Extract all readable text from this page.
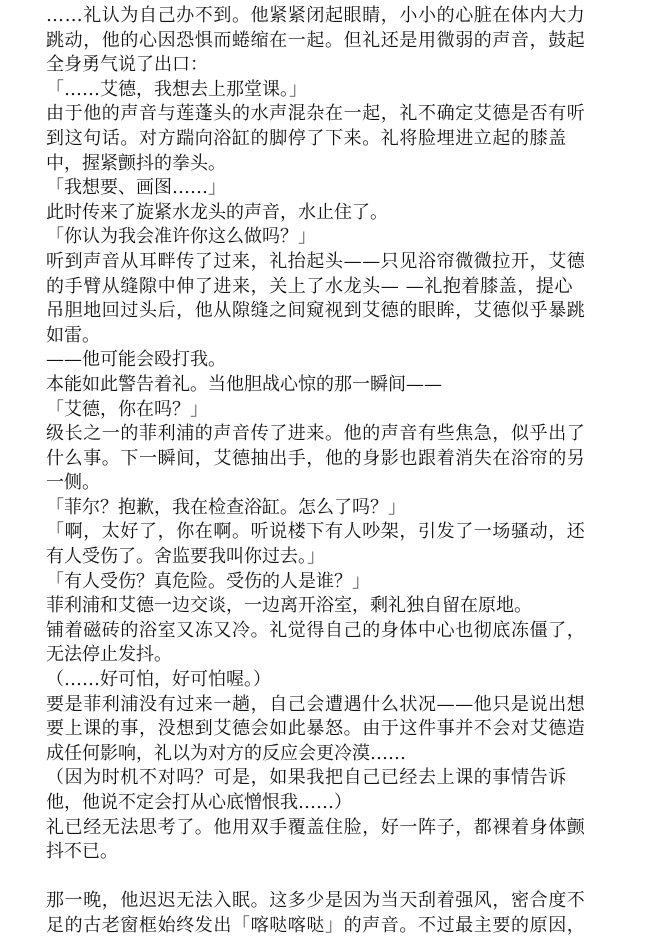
……礼认为自己办不到。他紧紧闭起眼睛，小小的心脏在体内大力
跳动，他的心因恐惧而蜷缩在一起。但礼还是用微弱的声音，鼓起
全身勇气说了出口：
「……艾德，我想去上那堂课。」
由于他的声音与莲蓬头的水声混杂在一起，礼不确定艾德是否有听
到这句话。对方踹向浴缸的脚停了下来。礼将脸埋进立起的膝盖
中，握紧颤抖的拳头。
「我想要、画图……」
此时传来了旋紧水龙头的声音，水止住了。
「你认为我会准许你这么做吗？」
听到声音从耳畔传了过来，礼抬起头——只见浴帘微微拉开，艾德
的手臂从缝隙中伸了进来，关上了水龙头— —礼抱着膝盖，提心
吊胆地回过头后，他从隙缝之间窥视到艾德的眼眸，艾德似乎暴跳
如雷。
——他可能会殴打我。
本能如此警告着礼。当他胆战心惊的那一瞬间——
「艾德，你在吗？」
级长之一的菲利浦的声音传了进来。他的声音有些焦急，似乎出了
什么事。下一瞬间，艾德抽出手，他的身影也跟着消失在浴帘的另
一侧。
「菲尔？抱歉，我在检查浴缸。怎么了吗？」
「啊，太好了，你在啊。听说楼下有人吵架，引发了一场骚动，还
有人受伤了。舍监要我叫你过去。」
「有人受伤？真危险。受伤的人是谁？」
菲利浦和艾德一边交谈，一边离开浴室，剩礼独自留在原地。
铺着磁砖的浴室又冻又冷。礼觉得自己的身体中心也彻底冻僵了，
无法停止发抖。
（……好可怕，好可怕喔。）
要是菲利浦没有过来一趟，自己会遭遇什么状况——他只是说出想
要上课的事，没想到艾德会如此暴怒。由于这件事并不会对艾德造
成任何影响，礼以为对方的反应会更冷漠……
（因为时机不对吗？可是，如果我把自己已经去上课的事情告诉
他，他说不定会打从心底憎恨我……）
礼已经无法思考了。他用双手覆盖住脸，好一阵子，都裸着身体颤
抖不已。
那一晚，他迟迟无法入眠。这多少是因为当天刮着强风，密合度不
足的古老窗框始终发出「喀哒喀哒」的声音。不过最主要的原因，
